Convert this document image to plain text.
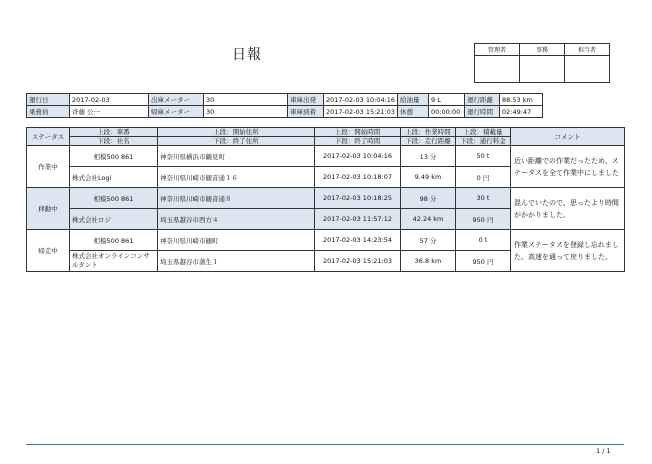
日報	管理者	事務	担当者

運行日	2017-02-03	出庫メーター	30	車庫出発	2017-02-03 10:04:16	給油量	9 L	運行距離	88.53 km
乗務員	斉藤 公一	帰庫メーター	30	車庫到着	2017-02-03 15:21:03	休憩	00:00:00	運行時間	02:49:47
ステータス	上段：車番	上段：開始住所	上段：開始時間	上段：作業時間	上段：積載量	コメント
	下段：社名	下段：終了住所	下段：終了時間	下段：走行距離	下段：通行料金	
作業中	相模500 861	神奈川県横浜市鶴見町	2017-02-03 10:04:16	13 分	50 t	近い距離での作業だったため、ステータスを全て作業中にしました
	株式会社Logi	神奈川県川崎市観音通１６	2017-02-03 10:18:07	9.49 km	0 円	
移動中	相模500 861	神奈川県川崎市観音通８	2017-02-03 10:18:25	98 分	30 t	混んでいたので、思ったより時間がかかりました。
	株式会社ロジ	埼玉県越谷市西方４	2017-02-03 11:57:12	42.24 km	950 円	
帰走中	相模500 861	神奈川県川崎市観町	2017-02-03 14:23:54	57 分	0 t	作業ステータスを登録し忘れました。高速を通って戻りました。
	株式会社オンラインコンサルタント	埼玉県越谷市蒲生１	2017-02-03 15:21:03	36.8 km	950 円	
1 / 1
